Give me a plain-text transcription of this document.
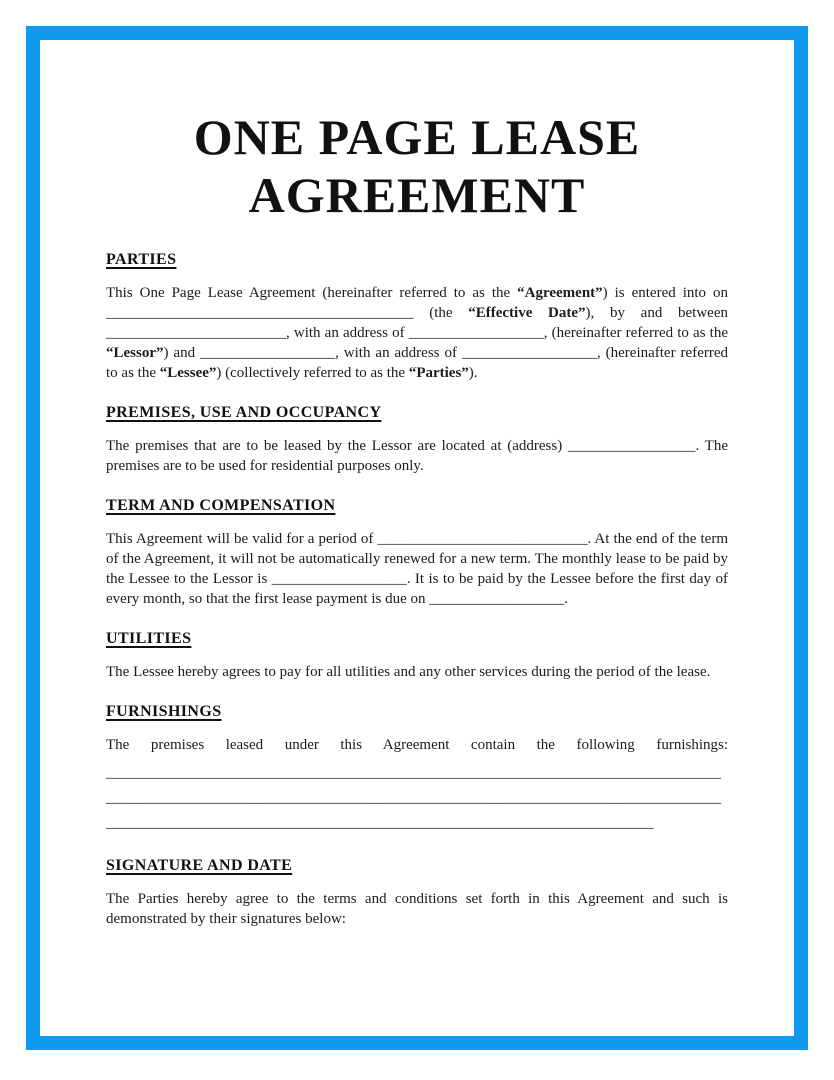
ONE PAGE LEASE AGREEMENT
PARTIES

This One Page Lease Agreement (hereinafter referred to as the “Agreement”) is entered into on _________________________________________ (the “Effective Date”), by and between ________________________, with an address of __________________, (hereinafter referred to as the “Lessor”) and __________________, with an address of __________________, (hereinafter referred to as the “Lessee”) (collectively referred to as the “Parties”).

PREMISES, USE AND OCCUPANCY

The premises that are to be leased by the Lessor are located at (address) _________________. The premises are to be used for residential purposes only.

TERM AND COMPENSATION

This Agreement will be valid for a period of ____________________________. At the end of the term of the Agreement, it will not be automatically renewed for a new term. The monthly lease to be paid by the Lessee to the Lessor is __________________. It is to be paid by the Lessee before the first day of every month, so that the first lease payment is due on __________________.

UTILITIES

The Lessee hereby agrees to pay for all utilities and any other services during the period of the lease.

FURNISHINGS

The premises leased under this Agreement contain the following furnishings:

__________________________________________________________________________________
__________________________________________________________________________________
_________________________________________________________________________
SIGNATURE AND DATE

The Parties hereby agree to the terms and conditions set forth in this Agreement and such is demonstrated by their signatures below:
